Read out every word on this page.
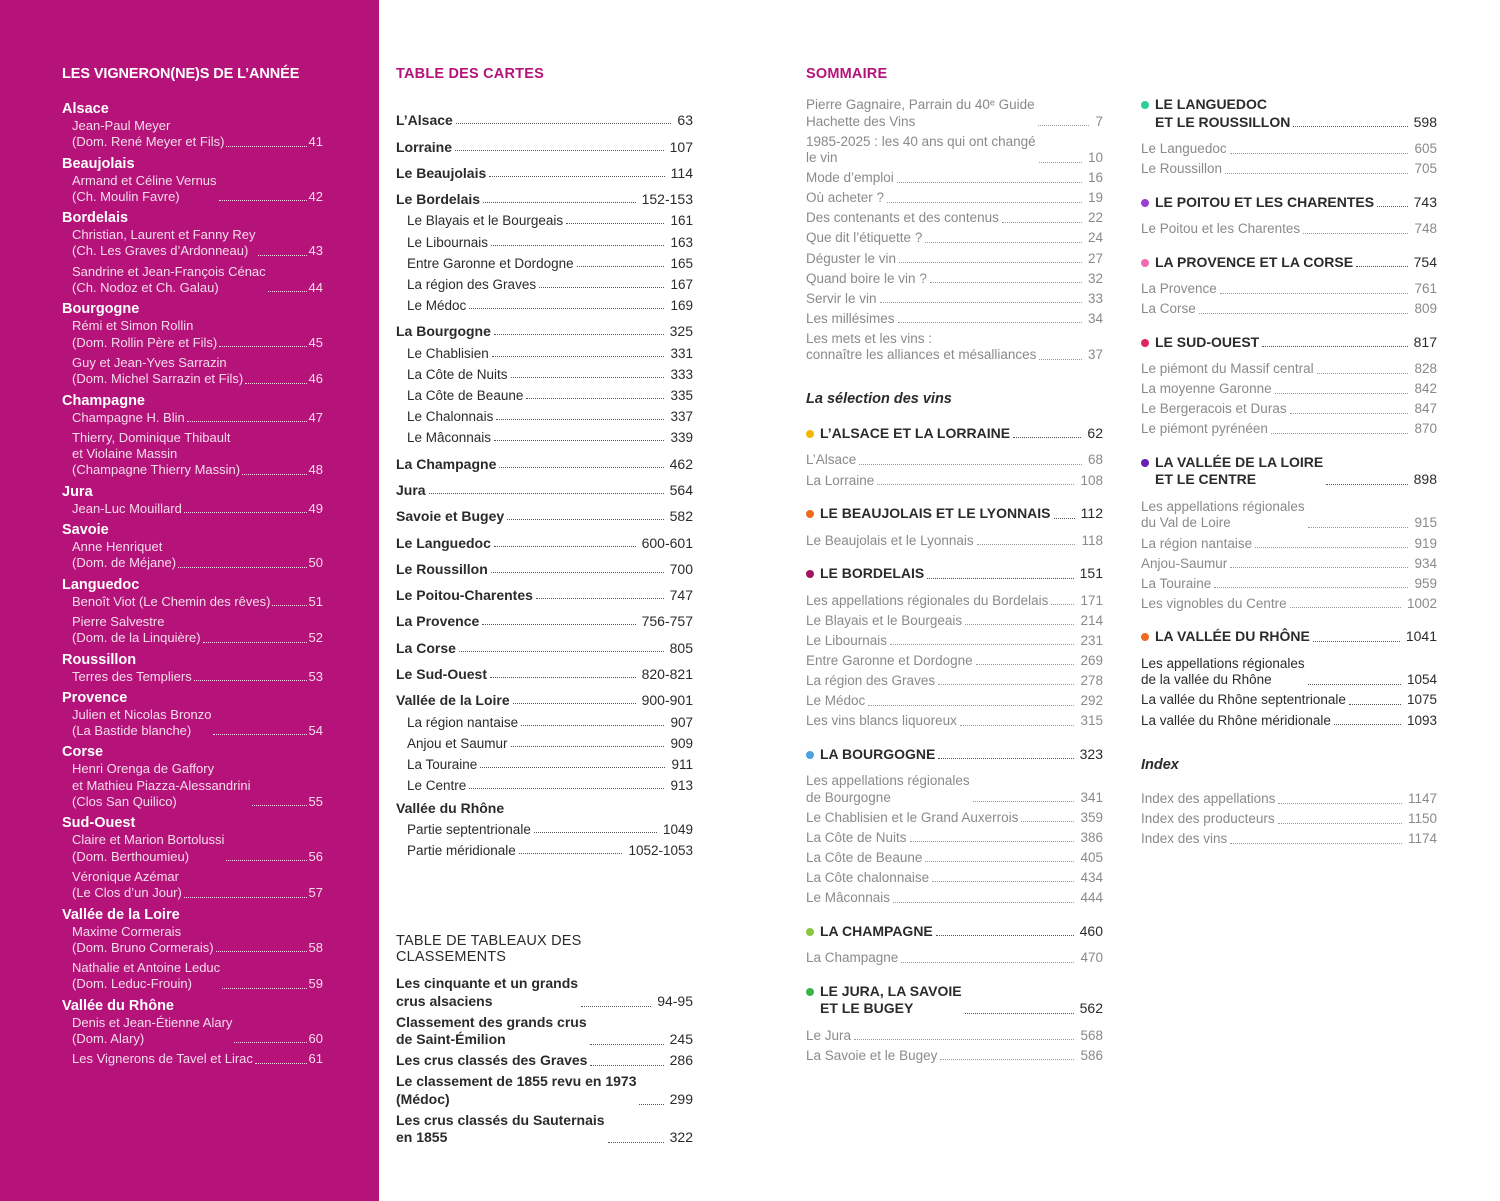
LES VIGNERON(NE)S DE L’ANNÉE
Alsace
Jean-Paul Meyer
(Dom. René Meyer et Fils)	41
Beaujolais
Armand et Céline Vernus
(Ch. Moulin Favre)	42
Bordelais
Christian, Laurent et Fanny Rey
(Ch. Les Graves d’Ardonneau)	43
Sandrine et Jean-François Cénac
(Ch. Nodoz et Ch. Galau)	44
Bourgogne
Rémi et Simon Rollin
(Dom. Rollin Père et Fils)	45
Guy et Jean-Yves Sarrazin
(Dom. Michel Sarrazin et Fils)	46
Champagne
Champagne H. Blin	47
Thierry, Dominique Thibault
et Violaine Massin
(Champagne Thierry Massin)	48
Jura
Jean-Luc Mouillard	49
Savoie
Anne Henriquet
(Dom. de Méjane)	50
Languedoc
Benoît Viot (Le Chemin des rêves)	51
Pierre Salvestre
(Dom. de la Linquière)	52
Roussillon
Terres des Templiers	53
Provence
Julien et Nicolas Bronzo
(La Bastide blanche)	54
Corse
Henri Orenga de Gaffory
et Mathieu Piazza-Alessandrini
(Clos San Quilico)	55
Sud-Ouest
Claire et Marion Bortolussi
(Dom. Berthoumieu)	56
Véronique Azémar
(Le Clos d’un Jour)	57
Vallée de la Loire
Maxime Cormerais
(Dom. Bruno Cormerais)	58
Nathalie et Antoine Leduc
(Dom. Leduc-Frouin)	59
Vallée du Rhône
Denis et Jean-Étienne Alary
(Dom. Alary)	60
Les Vignerons de Tavel et Lirac	61
TABLE DES CARTES
L’Alsace	63
Lorraine	107
Le Beaujolais	114
Le Bordelais	152-153
Le Blayais et le Bourgeais	161
Le Libournais	163
Entre Garonne et Dordogne	165
La région des Graves	167
Le Médoc	169
La Bourgogne	325
Le Chablisien	331
La Côte de Nuits	333
La Côte de Beaune	335
Le Chalonnais	337
Le Mâconnais	339
La Champagne	462
Jura	564
Savoie et Bugey	582
Le Languedoc	600-601
Le Roussillon	700
Le Poitou-Charentes	747
La Provence	756-757
La Corse	805
Le Sud-Ouest	820-821
Vallée de la Loire	900-901
La région nantaise	907
Anjou et Saumur	909
La Touraine	911
Le Centre	913
Vallée du Rhône
Partie septentrionale	1049
Partie méridionale	1052-1053
TABLE DE TABLEAUX DES CLASSEMENTS
Les cinquante et un grands
crus alsaciens	94-95
Classement des grands crus
de Saint-Émilion	245
Les crus classés des Graves	286
Le classement de 1855 revu en 1973
(Médoc)	299
Les crus classés du Sauternais
en 1855	322
SOMMAIRE
Pierre Gagnaire, Parrain du 40ᵉ Guide
Hachette des Vins	7
1985-2025 : les 40 ans qui ont changé
le vin	10
Mode d’emploi	16
Où acheter ?	19
Des contenants et des contenus	22
Que dit l’étiquette ?	24
Déguster le vin	27
Quand boire le vin ?	32
Servir le vin	33
Les millésimes	34
Les mets et les vins :
connaître les alliances et mésalliances	37
La sélection des vins
L’ALSACE ET LA LORRAINE	62
L’Alsace	68
La Lorraine	108
LE BEAUJOLAIS ET LE LYONNAIS 112
Le Beaujolais et le Lyonnais	118
LE BORDELAIS	151
Les appellations régionales du Bordelais 171
Le Blayais et le Bourgeais	214
Le Libournais	231
Entre Garonne et Dordogne	269
La région des Graves	278
Le Médoc	292
Les vins blancs liquoreux	315
LA BOURGOGNE	323
Les appellations régionales
de Bourgogne	341
Le Chablisien et le Grand Auxerrois	359
La Côte de Nuits	386
La Côte de Beaune	405
La Côte chalonnaise	434
Le Mâconnais	444
LA CHAMPAGNE	460
La Champagne	470
LE JURA, LA SAVOIE
ET LE BUGEY	562
Le Jura	568
La Savoie et le Bugey	586
LE LANGUEDOC
ET LE ROUSSILLON	598
Le Languedoc	605
Le Roussillon	705
LE POITOU ET LES CHARENTES	743
Le Poitou et les Charentes	748
LA PROVENCE ET LA CORSE	754
La Provence	761
La Corse	809
LE SUD-OUEST	817
Le piémont du Massif central	828
La moyenne Garonne	842
Le Bergeracois et Duras	847
Le piémont pyrénéen	870
LA VALLÉE DE LA LOIRE
ET LE CENTRE	898
Les appellations régionales
du Val de Loire	915
La région nantaise	919
Anjou-Saumur	934
La Touraine	959
Les vignobles du Centre	1002
LA VALLÉE DU RHÔNE	1041
Les appellations régionales
de la vallée du Rhône	1054
La vallée du Rhône septentrionale	1075
La vallée du Rhône méridionale	1093
Index
Index des appellations	1147
Index des producteurs	1150
Index des vins	1174
